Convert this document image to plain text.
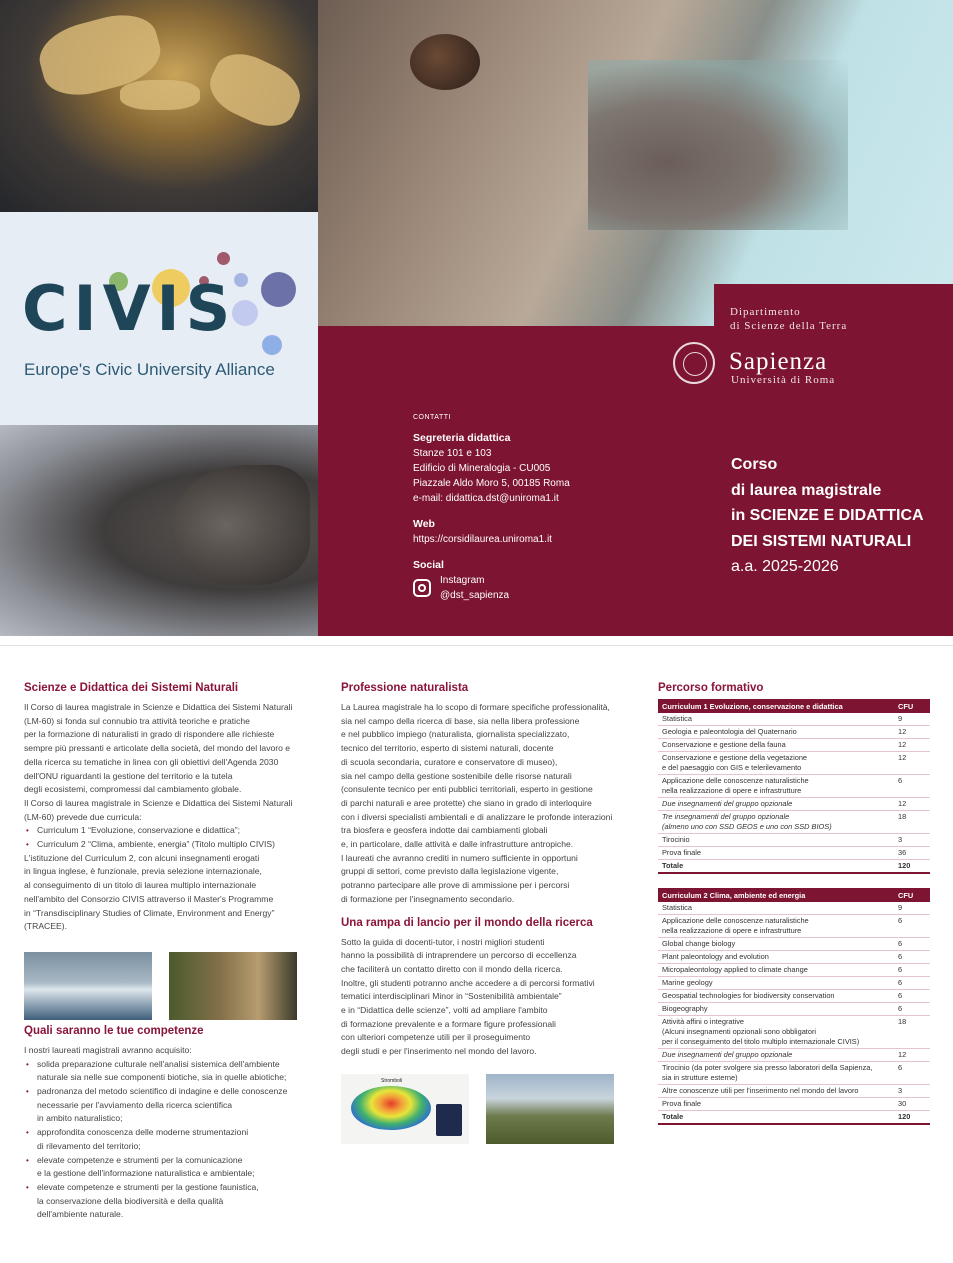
CIVIS
Europe's Civic University Alliance
Dipartimento
di Scienze della Terra
Sapienza
Università di Roma
CONTATTI
Segreteria didattica
Stanze 101 e 103
Edificio di Mineralogia - CU005
Piazzale Aldo Moro 5, 00185 Roma
e-mail: didattica.dst@uniroma1.it
Web
https://corsidilaurea.uniroma1.it
Social
Instagram
@dst_sapienza
Corso
di laurea magistrale
in SCIENZE E DIDATTICA
DEI SISTEMI NATURALI
a.a. 2025-2026
Scienze e Didattica dei Sistemi Naturali
Il Corso di laurea magistrale in Scienze e Didattica dei Sistemi Naturali
(LM-60) si fonda sul connubio tra attività teoriche e pratiche
per la formazione di naturalisti in grado di rispondere alle richieste
sempre più pressanti e articolate della società, del mondo del lavoro e
della ricerca su tematiche in linea con gli obiettivi dell'Agenda 2030
dell'ONU riguardanti la gestione del territorio e la tutela
degli ecosistemi, compromessi dal cambiamento globale.
Il Corso di laurea magistrale in Scienze e Didattica dei Sistemi Naturali
(LM-60) prevede due curricula:
• Curriculum 1 “Evoluzione, conservazione e didattica”;
• Curriculum 2 “Clima, ambiente, energia” (Titolo multiplo CIVIS)
L'istituzione del Curriculum 2, con alcuni insegnamenti erogati
in lingua inglese, è funzionale, previa selezione internazionale,
al conseguimento di un titolo di laurea multiplo internazionale
nell'ambito del Consorzio CIVIS attraverso il Master's Programme
in “Transdisciplinary Studies of Climate, Environment and Energy”
(TRACEE).
Quali saranno le tue competenze
I nostri laureati magistrali avranno acquisito:
• solida preparazione culturale nell'analisi sistemica dell'ambiente
naturale sia nelle sue componenti biotiche, sia in quelle abiotiche;
• padronanza del metodo scientifico di indagine e delle conoscenze
necessarie per l'avviamento della ricerca scientifica
in ambito naturalistico;
• approfondita conoscenza delle moderne strumentazioni
di rilevamento del territorio;
• elevate competenze e strumenti per la comunicazione
e la gestione dell'informazione naturalistica e ambientale;
• elevate competenze e strumenti per la gestione faunistica,
la conservazione della biodiversità e della qualità
dell'ambiente naturale.
Professione naturalista
La Laurea magistrale ha lo scopo di formare specifiche professionalità,
sia nel campo della ricerca di base, sia nella libera professione
e nel pubblico impiego (naturalista, giornalista specializzato,
tecnico del territorio, esperto di sistemi naturali, docente
di scuola secondaria, curatore e conservatore di museo),
sia nel campo della gestione sostenibile delle risorse naturali
(consulente tecnico per enti pubblici territoriali, esperto in gestione
di parchi naturali e aree protette) che siano in grado di interloquire
con i diversi specialisti ambientali e di analizzare le profonde interazioni
tra biosfera e geosfera indotte dai cambiamenti globali
e, in particolare, dalle attività e dalle infrastrutture antropiche.
I laureati che avranno crediti in numero sufficiente in opportuni
gruppi di settori, come previsto dalla legislazione vigente,
potranno partecipare alle prove di ammissione per i percorsi
di formazione per l'insegnamento secondario.
Una rampa di lancio per il mondo della ricerca
Sotto la guida di docenti-tutor, i nostri migliori studenti
hanno la possibilità di intraprendere un percorso di eccellenza
che faciliterà un contatto diretto con il mondo della ricerca.
Inoltre, gli studenti potranno anche accedere a di percorsi formativi
tematici interdisciplinari Minor in “Sostenibilità ambientale”
e in “Didattica delle scienze”, volti ad ampliare l'ambito
di formazione prevalente e a formare figure professionali
con ulteriori competenze utili per il proseguimento
degli studi e per l'inserimento nel mondo del lavoro.
Stromboli
Percorso formativo
Curriculum 1 Evoluzione, conservazione e didattica	CFU
Statistica	9
Geologia e paleontologia del Quaternario	12
Conservazione e gestione della fauna	12
Conservazione e gestione della vegetazione
e del paesaggio con GIS e telerilevamento	12
Applicazione delle conoscenze naturalistiche
nella realizzazione di opere e infrastrutture	6
Due insegnamenti del gruppo opzionale	12
Tre insegnamenti del gruppo opzionale
(almeno uno con SSD GEOS e uno con SSD BIOS)	18
Tirocinio	3
Prova finale	36
Totale	120
Curriculum 2 Clima, ambiente ed energia	CFU
Statistica	9
Applicazione delle conoscenze naturalistiche
nella realizzazione di opere e infrastrutture	6
Global change biology	6
Plant paleontology and evolution	6
Micropaleontology applied to climate change	6
Marine geology	6
Geospatial technologies for biodiversity conservation	6
Biogeography	6
Attività affini o integrative
(Alcuni insegnamenti opzionali sono obbligatori
per il conseguimento del titolo multiplo internazionale CIVIS)	18
Due insegnamenti del gruppo opzionale	12
Tirocinio (da poter svolgere sia presso laboratori della Sapienza,
sia in strutture esterne)	6
Altre conoscenze utili per l'inserimento nel mondo del lavoro	3
Prova finale	30
Totale	120
